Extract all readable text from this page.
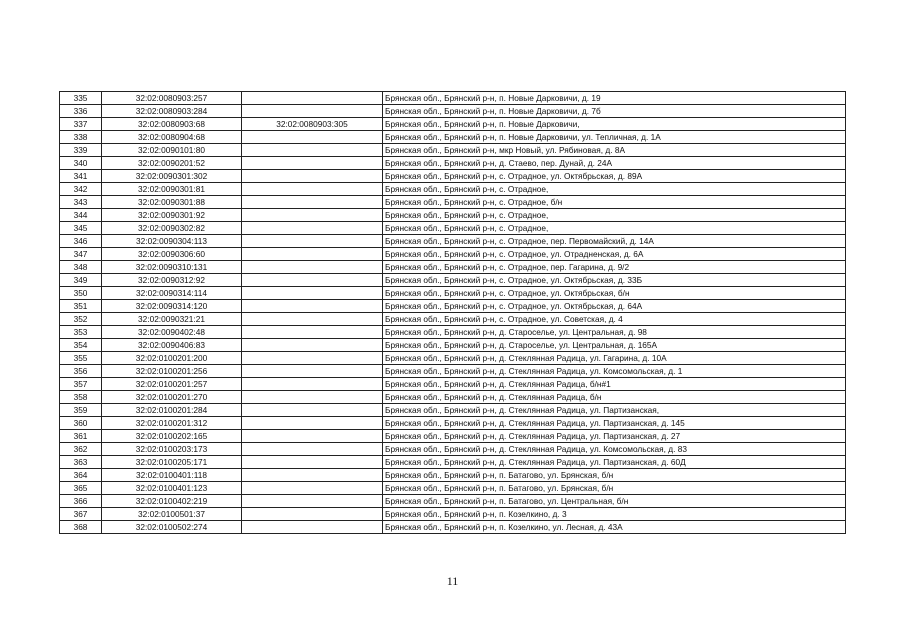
335	32:02:0080903:257		Брянская обл., Брянский р-н, п. Новые Дарковичи, д. 19
336	32:02:0080903:284		Брянская обл., Брянский р-н, п. Новые Дарковичи, д. 7б
337	32:02:0080903:68	32:02:0080903:305	Брянская обл., Брянский р-н, п. Новые Дарковичи,
338	32:02:0080904:68		Брянская обл., Брянский р-н, п. Новые Дарковичи, ул. Тепличная, д. 1А
339	32:02:0090101:80		Брянская обл., Брянский р-н, мкр Новый, ул. Рябиновая, д. 8А
340	32:02:0090201:52		Брянская обл., Брянский р-н, д. Стаево, пер. Дунай, д. 24А
341	32:02:0090301:302		Брянская обл., Брянский р-н, с. Отрадное, ул. Октябрьская, д. 89А
342	32:02:0090301:81		Брянская обл., Брянский р-н, с. Отрадное,
343	32:02:0090301:88		Брянская обл., Брянский р-н, с. Отрадное, б/н
344	32:02:0090301:92		Брянская обл., Брянский р-н, с. Отрадное,
345	32:02:0090302:82		Брянская обл., Брянский р-н, с. Отрадное,
346	32:02:0090304:113		Брянская обл., Брянский р-н, с. Отрадное, пер. Первомайский, д. 14А
347	32:02:0090306:60		Брянская обл., Брянский р-н, с. Отрадное, ул. Отрадненская, д. 6А
348	32:02:0090310:131		Брянская обл., Брянский р-н, с. Отрадное, пер. Гагарина, д. 9/2
349	32:02:0090312:92		Брянская обл., Брянский р-н, с. Отрадное, ул. Октябрьская, д. 33Б
350	32:02:0090314:114		Брянская обл., Брянский р-н, с. Отрадное, ул. Октябрьская, б/н
351	32:02:0090314:120		Брянская обл., Брянский р-н, с. Отрадное, ул. Октябрьская, д. 64А
352	32:02:0090321:21		Брянская обл., Брянский р-н, с. Отрадное, ул. Советская, д. 4
353	32:02:0090402:48		Брянская обл., Брянский р-н, д. Староселье, ул. Центральная, д. 98
354	32:02:0090406:83		Брянская обл., Брянский р-н, д. Староселье, ул. Центральная, д. 165А
355	32:02:0100201:200		Брянская обл., Брянский р-н, д. Стеклянная Радица, ул. Гагарина, д. 10А
356	32:02:0100201:256		Брянская обл., Брянский р-н, д. Стеклянная Радица, ул. Комсомольская, д. 1
357	32:02:0100201:257		Брянская обл., Брянский р-н, д. Стеклянная Радица, б/н#1
358	32:02:0100201:270		Брянская обл., Брянский р-н, д. Стеклянная Радица, б/н
359	32:02:0100201:284		Брянская обл., Брянский р-н, д. Стеклянная Радица, ул. Партизанская,
360	32:02:0100201:312		Брянская обл., Брянский р-н, д. Стеклянная Радица, ул. Партизанская, д. 145
361	32:02:0100202:165		Брянская обл., Брянский р-н, д. Стеклянная Радица, ул. Партизанская, д. 27
362	32:02:0100203:173		Брянская обл., Брянский р-н, д. Стеклянная Радица, ул. Комсомольская, д. 83
363	32:02:0100205:171		Брянская обл., Брянский р-н, д. Стеклянная Радица, ул. Партизанская, д. 60Д
364	32:02:0100401:118		Брянская обл., Брянский р-н, п. Батагово, ул. Брянская, б/н
365	32:02:0100401:123		Брянская обл., Брянский р-н, п. Батагово, ул. Брянская, б/н
366	32:02:0100402:219		Брянская обл., Брянский р-н, п. Батагово, ул. Центральная, б/н
367	32:02:0100501:37		Брянская обл., Брянский р-н, п. Козелкино, д. 3
368	32:02:0100502:274		Брянская обл., Брянский р-н, п. Козелкино, ул. Лесная, д. 43А
11
